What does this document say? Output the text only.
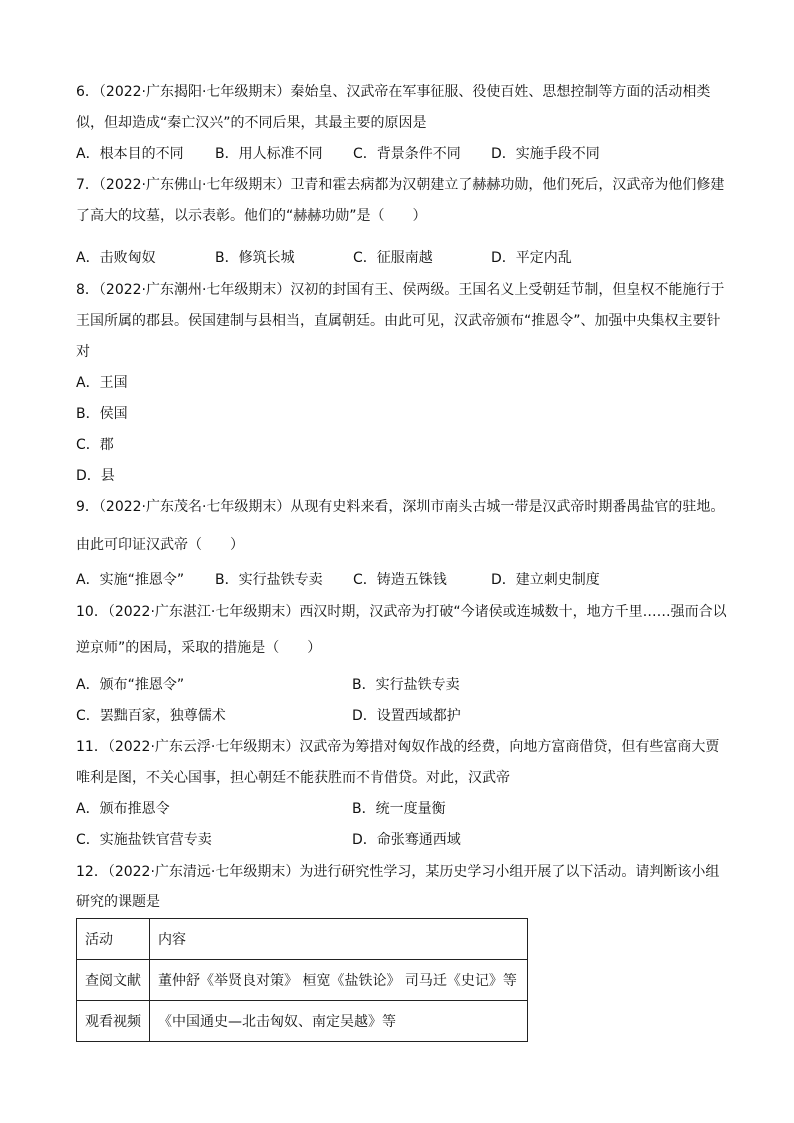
6．（2022·广东揭阳·七年级期末）秦始皇、汉武帝在军事征服、役使百姓、思想控制等方面的活动相类
似，但却造成“秦亡汉兴”的不同后果，其最主要的原因是
A．根本目的不同 B．用人标准不同 C．背景条件不同 D．实施手段不同
7．（2022·广东佛山·七年级期末）卫青和霍去病都为汉朝建立了赫赫功勋，他们死后，汉武帝为他们修建
了高大的坟墓，以示表彰。他们的“赫赫功勋”是（　　）
A．击败匈奴	B．修筑长城	C．征服南越	D．平定内乱
8．（2022·广东潮州·七年级期末）汉初的封国有王、侯两级。王国名义上受朝廷节制，但皇权不能施行于
王国所属的郡县。侯国建制与县相当，直属朝廷。由此可见，汉武帝颁布“推恩令”、加强中央集权主要针
对
A．王国
B．侯国
C．郡
D．县
9．（2022·广东茂名·七年级期末）从现有史料来看，深圳市南头古城一带是汉武帝时期番禺盐官的驻地。
由此可印证汉武帝（　　）
A．实施“推恩令” B．实行盐铁专卖 C．铸造五铢钱	D．建立刺史制度
10．（2022·广东湛江·七年级期末）西汉时期，汉武帝为打破“今诸侯或连城数十，地方千里……强而合以
逆京师”的困局，采取的措施是（　　）
A．颁布“推恩令”	B．实行盐铁专卖
C．罢黜百家，独尊儒术	D．设置西域都护
11．（2022·广东云浮·七年级期末）汉武帝为筹措对匈奴作战的经费，向地方富商借贷，但有些富商大贾
唯利是图，不关心国事，担心朝廷不能获胜而不肯借贷。对此，汉武帝
A．颁布推恩令	B．统一度量衡
C．实施盐铁官营专卖	D．命张骞通西域
12．（2022·广东清远·七年级期末）为进行研究性学习，某历史学习小组开展了以下活动。请判断该小组
研究的课题是
活动	内容
查阅文献	董仲舒《举贤良对策》 桓宽《盐铁论》 司马迁《史记》等
观看视频	《中国通史—北击匈奴、南定吴越》等
